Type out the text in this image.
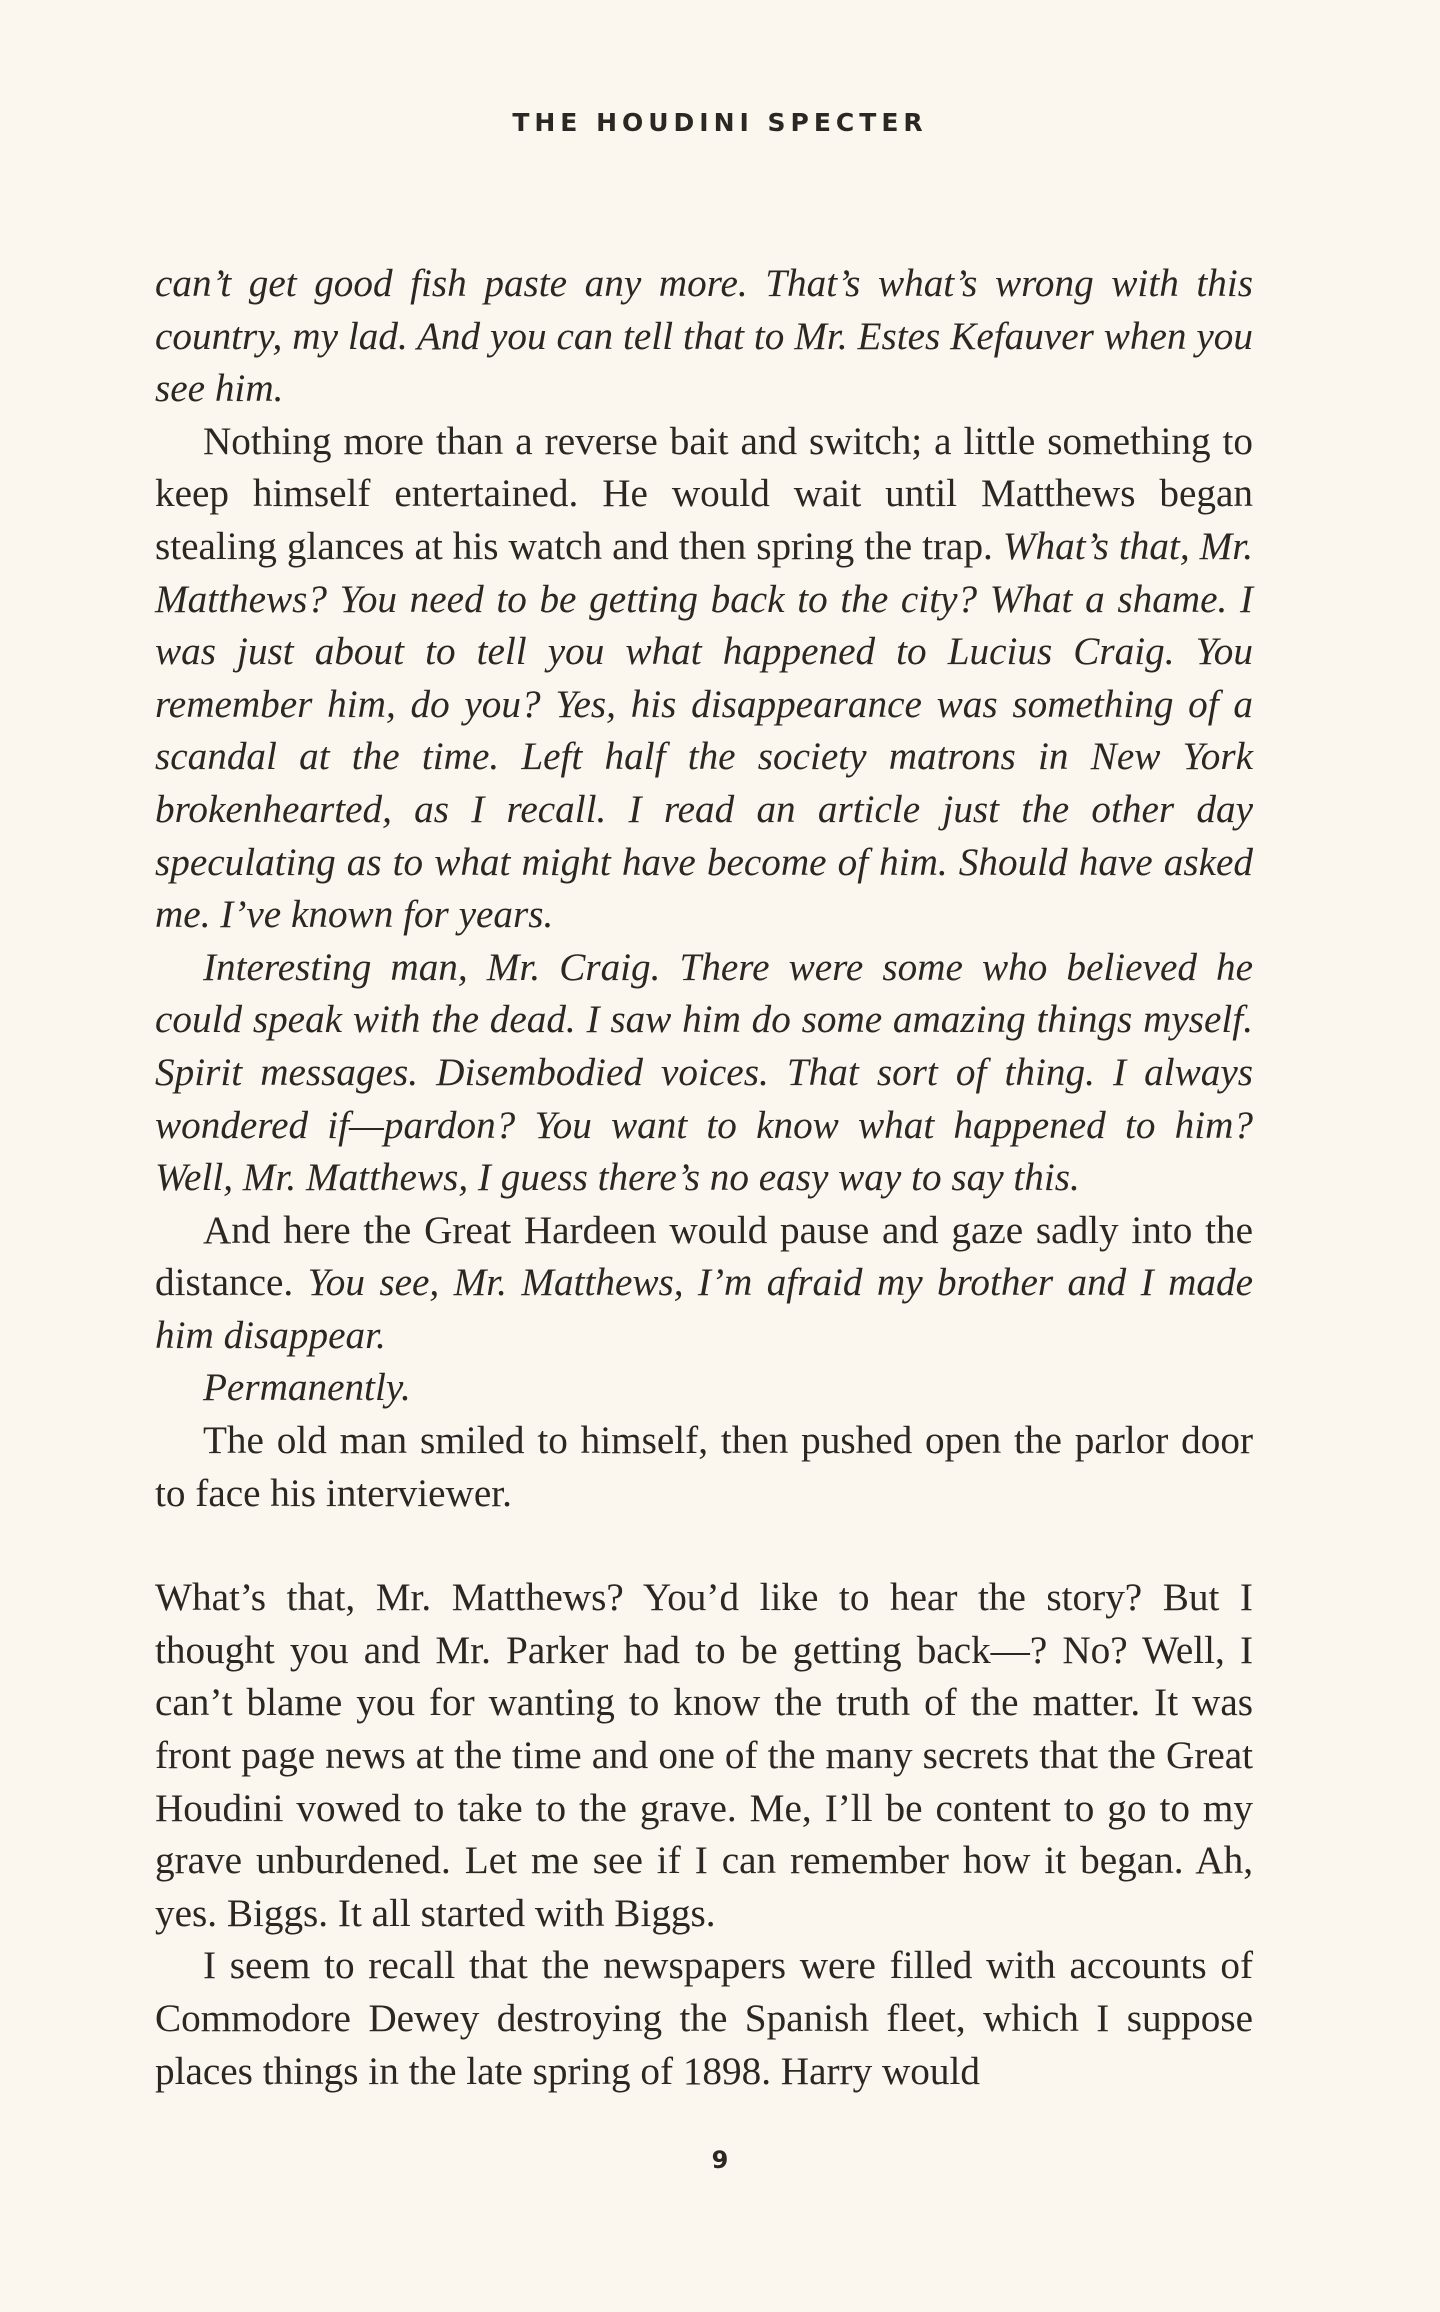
THE HOUDINI SPECTER

can’t get good fish paste any more. That’s what’s wrong with this country, my lad. And you can tell that to Mr. Estes Kefauver when you see him.

Nothing more than a reverse bait and switch; a little something to keep himself entertained. He would wait until Matthews began stealing glances at his watch and then spring the trap. What’s that, Mr. Matthews? You need to be getting back to the city? What a shame. I was just about to tell you what happened to Lucius Craig. You remember him, do you? Yes, his disappearance was something of a scandal at the time. Left half the society matrons in New York brokenhearted, as I recall. I read an article just the other day speculating as to what might have become of him. Should have asked me. I’ve known for years.

Interesting man, Mr. Craig. There were some who believed he could speak with the dead. I saw him do some amazing things myself. Spirit messages. Disembodied voices. That sort of thing. I always wondered if—pardon? You want to know what happened to him? Well, Mr. Matthews, I guess there’s no easy way to say this.

And here the Great Hardeen would pause and gaze sadly into the distance. You see, Mr. Matthews, I’m afraid my brother and I made him disappear.

Permanently.

The old man smiled to himself, then pushed open the parlor door to face his interviewer.

What’s that, Mr. Matthews? You’d like to hear the story? But I thought you and Mr. Parker had to be getting back—? No? Well, I can’t blame you for wanting to know the truth of the matter. It was front page news at the time and one of the many secrets that the Great Houdini vowed to take to the grave. Me, I’ll be content to go to my grave unburdened. Let me see if I can remember how it began. Ah, yes. Biggs. It all started with Biggs.

I seem to recall that the newspapers were filled with accounts of Commodore Dewey destroying the Spanish fleet, which I suppose places things in the late spring of 1898. Harry would

9
